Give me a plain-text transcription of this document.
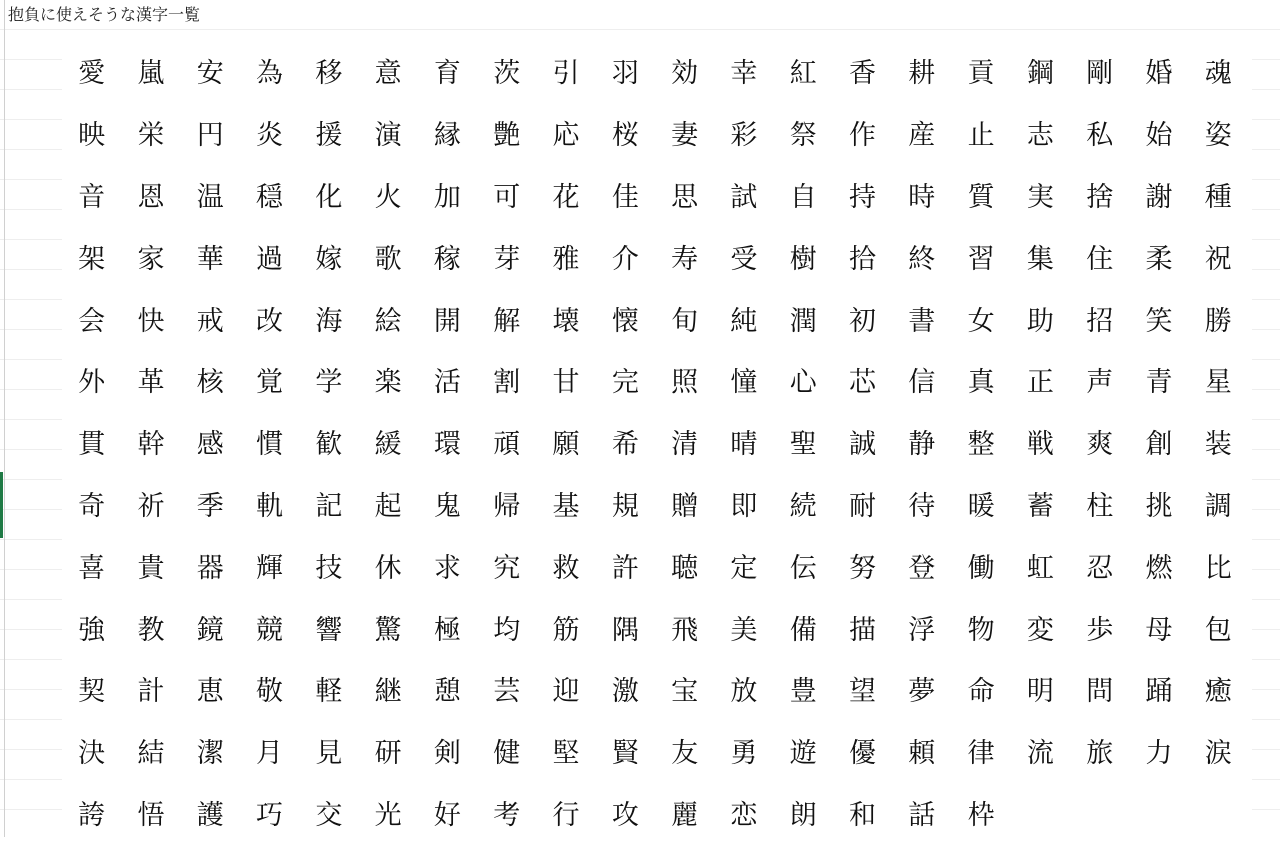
抱負に使えそうな漢字一覧
愛	嵐	安	為	移	意	育	茨	引	羽	効	幸	紅	香	耕	貢	鋼	剛	婚	魂
映	栄	円	炎	援	演	縁	艶	応	桜	妻	彩	祭	作	産	止	志	私	始	姿
音	恩	温	穏	化	火	加	可	花	佳	思	試	自	持	時	質	実	捨	謝	種
架	家	華	過	嫁	歌	稼	芽	雅	介	寿	受	樹	拾	終	習	集	住	柔	祝
会	快	戒	改	海	絵	開	解	壊	懐	旬	純	潤	初	書	女	助	招	笑	勝
外	革	核	覚	学	楽	活	割	甘	完	照	憧	心	芯	信	真	正	声	青	星
貫	幹	感	慣	歓	緩	環	頑	願	希	清	晴	聖	誠	静	整	戦	爽	創	装
奇	祈	季	軌	記	起	鬼	帰	基	規	贈	即	続	耐	待	暖	蓄	柱	挑	調
喜	貴	器	輝	技	休	求	究	救	許	聴	定	伝	努	登	働	虹	忍	燃	比
強	教	鏡	競	響	驚	極	均	筋	隅	飛	美	備	描	浮	物	変	歩	母	包
契	計	恵	敬	軽	継	憩	芸	迎	激	宝	放	豊	望	夢	命	明	問	踊	癒
決	結	潔	月	見	研	剣	健	堅	賢	友	勇	遊	優	頼	律	流	旅	力	涙
誇	悟	護	巧	交	光	好	考	行	攻	麗	恋	朗	和	話	枠
